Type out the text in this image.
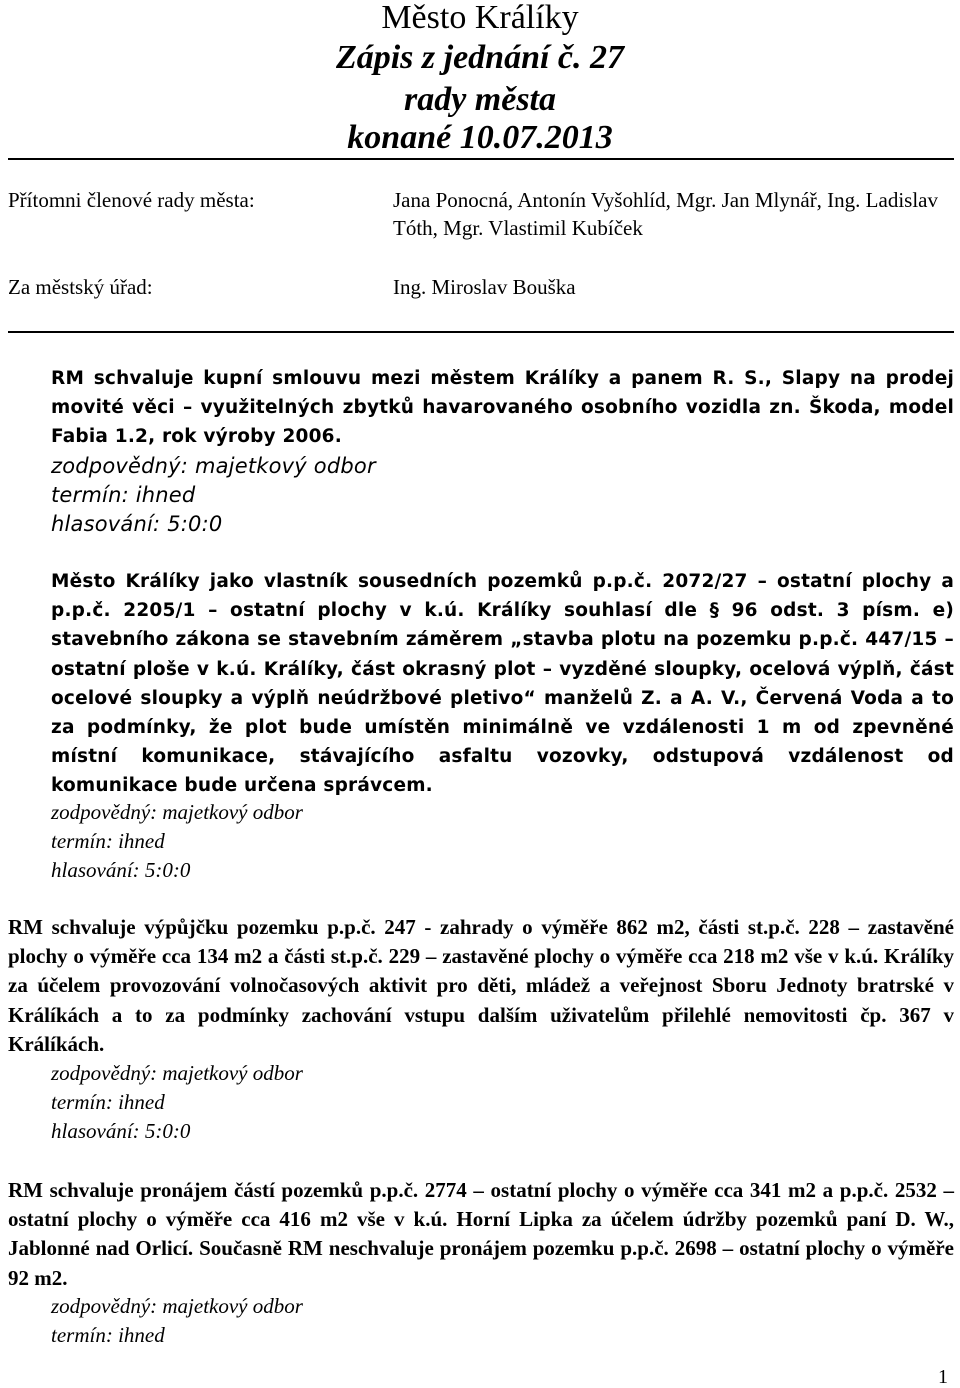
Město Králíky
Zápis z jednání č. 27
rady města
konané 10.07.2013
Přítomni členové rady města:	Jana Ponocná, Antonín Vyšohlíd, Mgr. Jan Mlynář, Ing. Ladislav Tóth, Mgr. Vlastimil Kubíček
Za městský úřad:	Ing. Miroslav Bouška
RM schvaluje kupní smlouvu mezi městem Králíky a panem R. S., Slapy na prodej movité věci – využitelných zbytků havarovaného osobního vozidla zn. Škoda, model Fabia 1.2, rok výroby 2006.
zodpovědný: majetkový odbor
termín: ihned
hlasování: 5:0:0
Město Králíky jako vlastník sousedních pozemků p.p.č. 2072/27 – ostatní plochy a p.p.č. 2205/1 – ostatní plochy v k.ú. Králíky souhlasí dle § 96 odst. 3 písm. e) stavebního zákona se stavebním záměrem „stavba plotu na pozemku p.p.č. 447/15 – ostatní ploše v k.ú. Králíky, část okrasný plot – vyzděné sloupky, ocelová výplň, část ocelové sloupky a výplň neúdržbové pletivo“ manželů Z. a A. V., Červená Voda a to za podmínky, že plot bude umístěn minimálně ve vzdálenosti 1 m od zpevněné místní komunikace, stávajícího asfaltu vozovky, odstupová vzdálenost od komunikace bude určena správcem.
zodpovědný: majetkový odbor
termín: ihned
hlasování: 5:0:0
RM schvaluje výpůjčku pozemku p.p.č. 247 - zahrady o výměře 862 m2, části st.p.č. 228 – zastavěné plochy o výměře cca 134 m2 a části st.p.č. 229 – zastavěné plochy o výměře cca 218 m2 vše v k.ú. Králíky za účelem provozování volnočasových aktivit pro děti, mládež a veřejnost Sboru Jednoty bratrské v Králíkách a to za podmínky zachování vstupu dalším uživatelům přilehlé nemovitosti čp. 367 v Králíkách.
zodpovědný: majetkový odbor
termín: ihned
hlasování: 5:0:0
RM schvaluje pronájem částí pozemků p.p.č. 2774 – ostatní plochy o výměře cca 341 m2 a p.p.č. 2532 – ostatní plochy o výměře cca 416 m2 vše v k.ú. Horní Lipka za účelem údržby pozemků paní D. W., Jablonné nad Orlicí. Současně RM neschvaluje pronájem pozemku p.p.č. 2698 – ostatní plochy o výměře 92 m2.
zodpovědný: majetkový odbor
termín: ihned
1
